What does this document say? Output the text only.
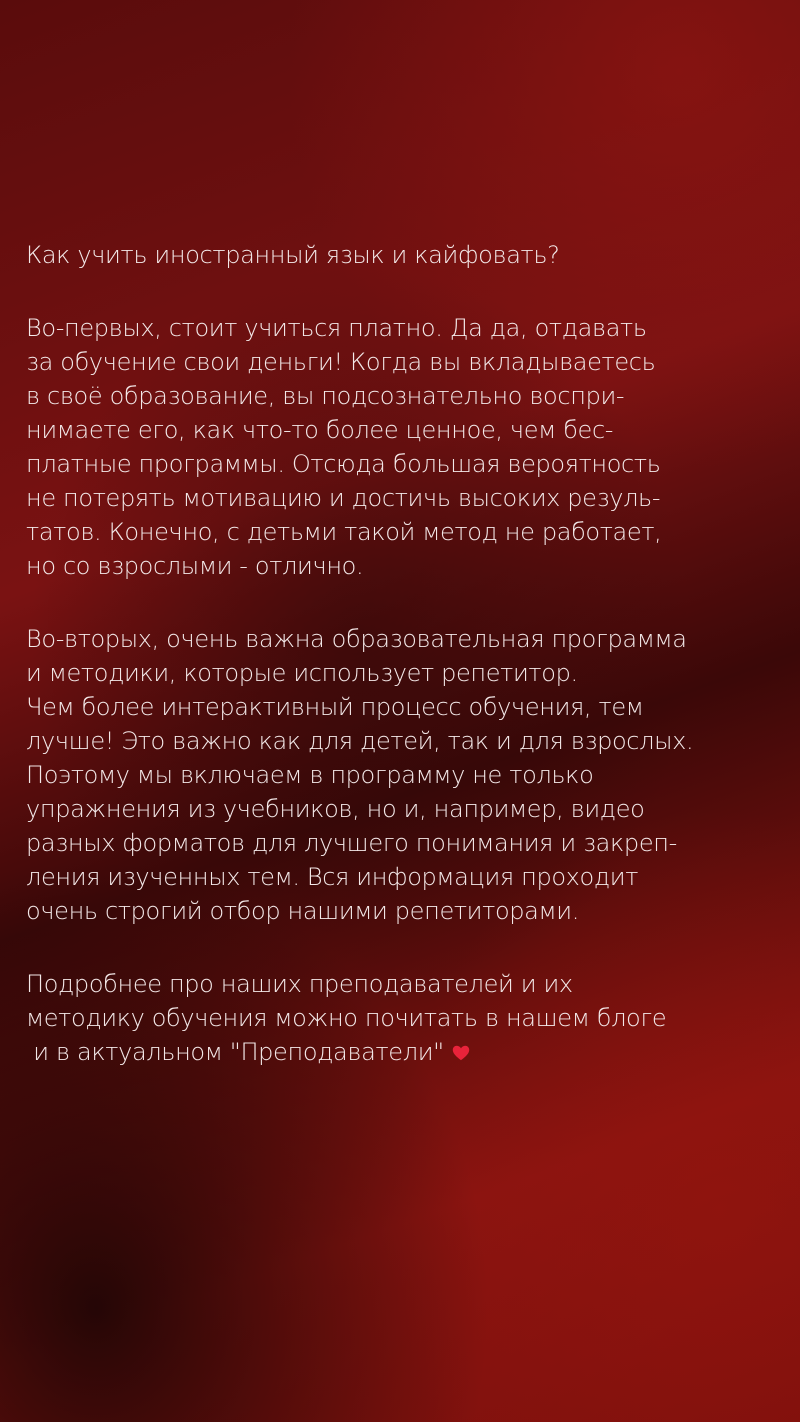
Как учить иностранный язык и кайфовать?
Во-первых, стоит учиться платно. Да да, отдавать
за обучение свои деньги! Когда вы вкладываетесь
в своё образование, вы подсознательно воспри-
нимаете его, как что-то более ценное, чем бес-
платные программы. Отсюда большая вероятность
не потерять мотивацию и достичь высоких резуль-
татов. Конечно, с детьми такой метод не работает,
но со взрослыми - отлично.
Во-вторых, очень важна образовательная программа
и методики, которые использует репетитор.
Чем более интерактивный процесс обучения, тем
лучше! Это важно как для детей, так и для взрослых.
Поэтому мы включаем в программу не только
упражнения из учебников, но и, например, видео
разных форматов для лучшего понимания и закреп-
ления изученных тем. Вся информация проходит
очень строгий отбор нашими репетиторами.
Подробнее про наших преподавателей и их
методику обучения можно почитать в нашем блоге
и в актуальном "Преподаватели"
